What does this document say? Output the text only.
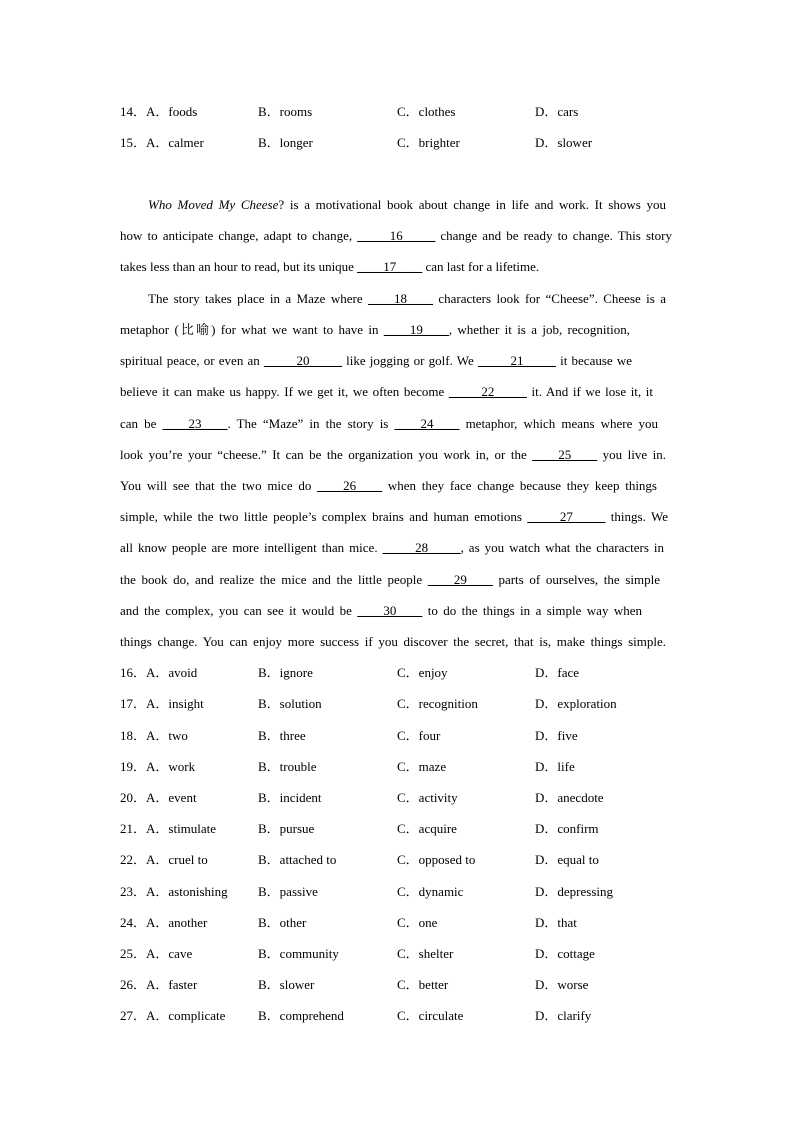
14．A．foods	B．rooms	C．clothes	D．cars
15．A．calmer	B．longer	C．brighter	D．slower
Who Moved My Cheese? is a motivational book about change in life and work. It shows you
how to anticipate change, adapt to change, _____16_____ change and be ready to change. This story
takes less than an hour to read, but its unique ____17____ can last for a lifetime.
The story takes place in a Maze where ____18____ characters look for “Cheese”. Cheese is a
metaphor (比喻) for what we want to have in ____19____, whether it is a job, recognition,
spiritual peace, or even an _____20_____ like jogging or golf. We _____21_____ it because we
believe it can make us happy. If we get it, we often become _____22_____ it. And if we lose it, it
can be ____23____. The “Maze” in the story is ____24____ metaphor, which means where you
look you’re your “cheese.” It can be the organization you work in, or the ____25____ you live in.
You will see that the two mice do ____26____ when they face change because they keep things
simple, while the two little people’s complex brains and human emotions _____27_____ things. We
all know people are more intelligent than mice. _____28_____, as you watch what the characters in
the book do, and realize the mice and the little people ____29____ parts of ourselves, the simple
and the complex, you can see it would be ____30____ to do the things in a simple way when
things change. You can enjoy more success if you discover the secret, that is, make things simple.
16．A．avoid	B．ignore	C．enjoy	D．face
17．A．insight	B．solution	C．recognition	D．exploration
18．A．two	B．three	C．four	D．five
19．A．work	B．trouble	C．maze	D．life
20．A．event	B．incident	C．activity	D．anecdote
21．A．stimulate	B．pursue	C．acquire	D．confirm
22．A．cruel to	B．attached to	C．opposed to	D．equal to
23．A．astonishing B．passive	C．dynamic	D．depressing
24．A．another	B．other	C．one	D．that
25．A．cave	B．community	C．shelter	D．cottage
26．A．faster	B．slower	C．better	D．worse
27．A．complicate	B．comprehend	C．circulate	D．clarify
